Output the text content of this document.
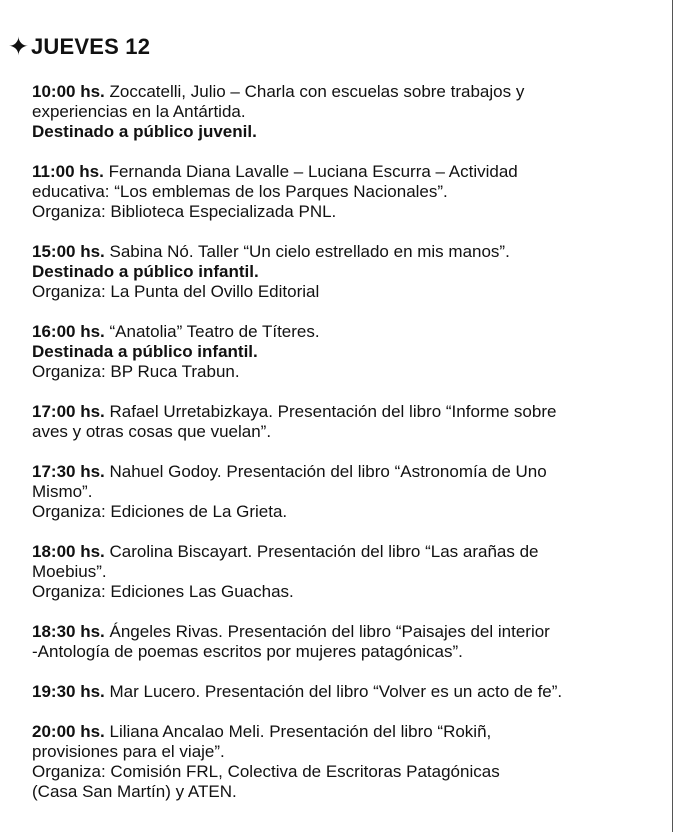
✦ JUEVES 12
10:00 hs. Zoccatelli, Julio – Charla con escuelas sobre trabajos y
experiencias en la Antártida.
Destinado a público juvenil.
11:00 hs. Fernanda Diana Lavalle – Luciana Escurra – Actividad
educativa: “Los emblemas de los Parques Nacionales”.
Organiza: Biblioteca Especializada PNL.
15:00 hs. Sabina Nó. Taller “Un cielo estrellado en mis manos”.
Destinado a público infantil.
Organiza: La Punta del Ovillo Editorial
16:00 hs. “Anatolia” Teatro de Títeres.
Destinada a público infantil.
Organiza: BP Ruca Trabun.
17:00 hs. Rafael Urretabizkaya. Presentación del libro “Informe sobre
aves y otras cosas que vuelan”.
17:30 hs. Nahuel Godoy. Presentación del libro “Astronomía de Uno
Mismo”.
Organiza: Ediciones de La Grieta.
18:00 hs. Carolina Biscayart. Presentación del libro “Las arañas de
Moebius”.
Organiza: Ediciones Las Guachas.
18:30 hs. Ángeles Rivas. Presentación del libro “Paisajes del interior
-Antología de poemas escritos por mujeres patagónicas”.
19:30 hs. Mar Lucero. Presentación del libro “Volver es un acto de fe”.
20:00 hs. Liliana Ancalao Meli. Presentación del libro “Rokiñ,
provisiones para el viaje”.
Organiza: Comisión FRL, Colectiva de Escritoras Patagónicas
(Casa San Martín) y ATEN.
